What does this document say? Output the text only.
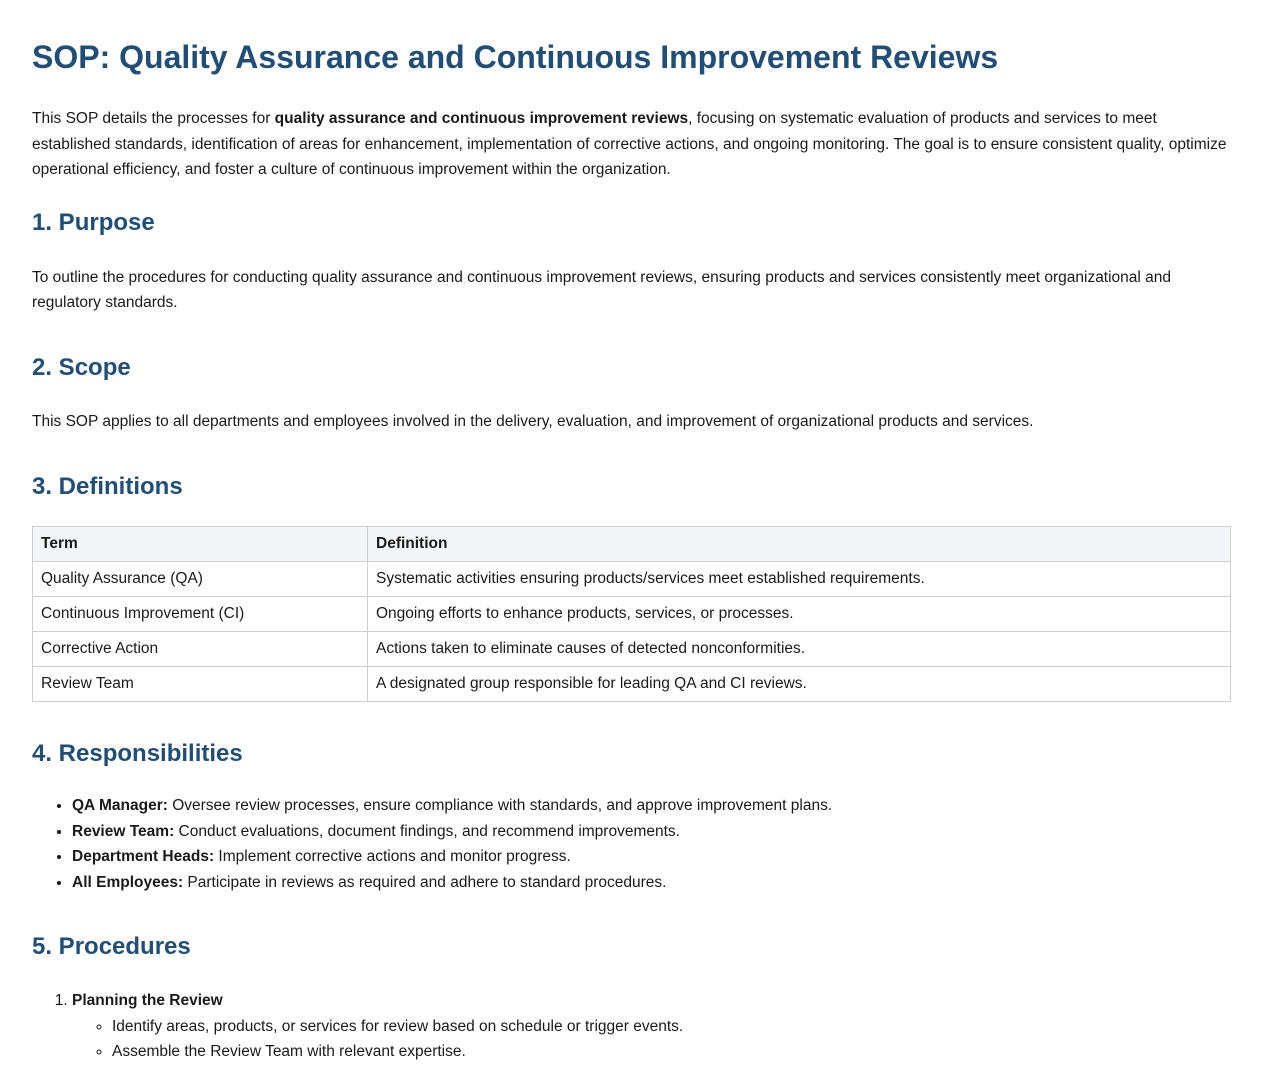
SOP: Quality Assurance and Continuous Improvement Reviews

This SOP details the processes for quality assurance and continuous improvement reviews, focusing on systematic evaluation of products and services to meet established standards, identification of areas for enhancement, implementation of corrective actions, and ongoing monitoring. The goal is to ensure consistent quality, optimize operational efficiency, and foster a culture of continuous improvement within the organization.

1. Purpose

To outline the procedures for conducting quality assurance and continuous improvement reviews, ensuring products and services consistently meet organizational and regulatory standards.

2. Scope

This SOP applies to all departments and employees involved in the delivery, evaluation, and improvement of organizational products and services.

3. Definitions
Term	Definition
Quality Assurance (QA)	Systematic activities ensuring products/services meet established requirements.
Continuous Improvement (CI)	Ongoing efforts to enhance products, services, or processes.
Corrective Action	Actions taken to eliminate causes of detected nonconformities.
Review Team	A designated group responsible for leading QA and CI reviews.
4. Responsibilities
• QA Manager: Oversee review processes, ensure compliance with standards, and approve improvement plans.
• Review Team: Conduct evaluations, document findings, and recommend improvements.
• Department Heads: Implement corrective actions and monitor progress.
• All Employees: Participate in reviews as required and adhere to standard procedures.
5. Procedures
1. Planning the Review
◦ Identify areas, products, or services for review based on schedule or trigger events.
◦ Assemble the Review Team with relevant expertise.
